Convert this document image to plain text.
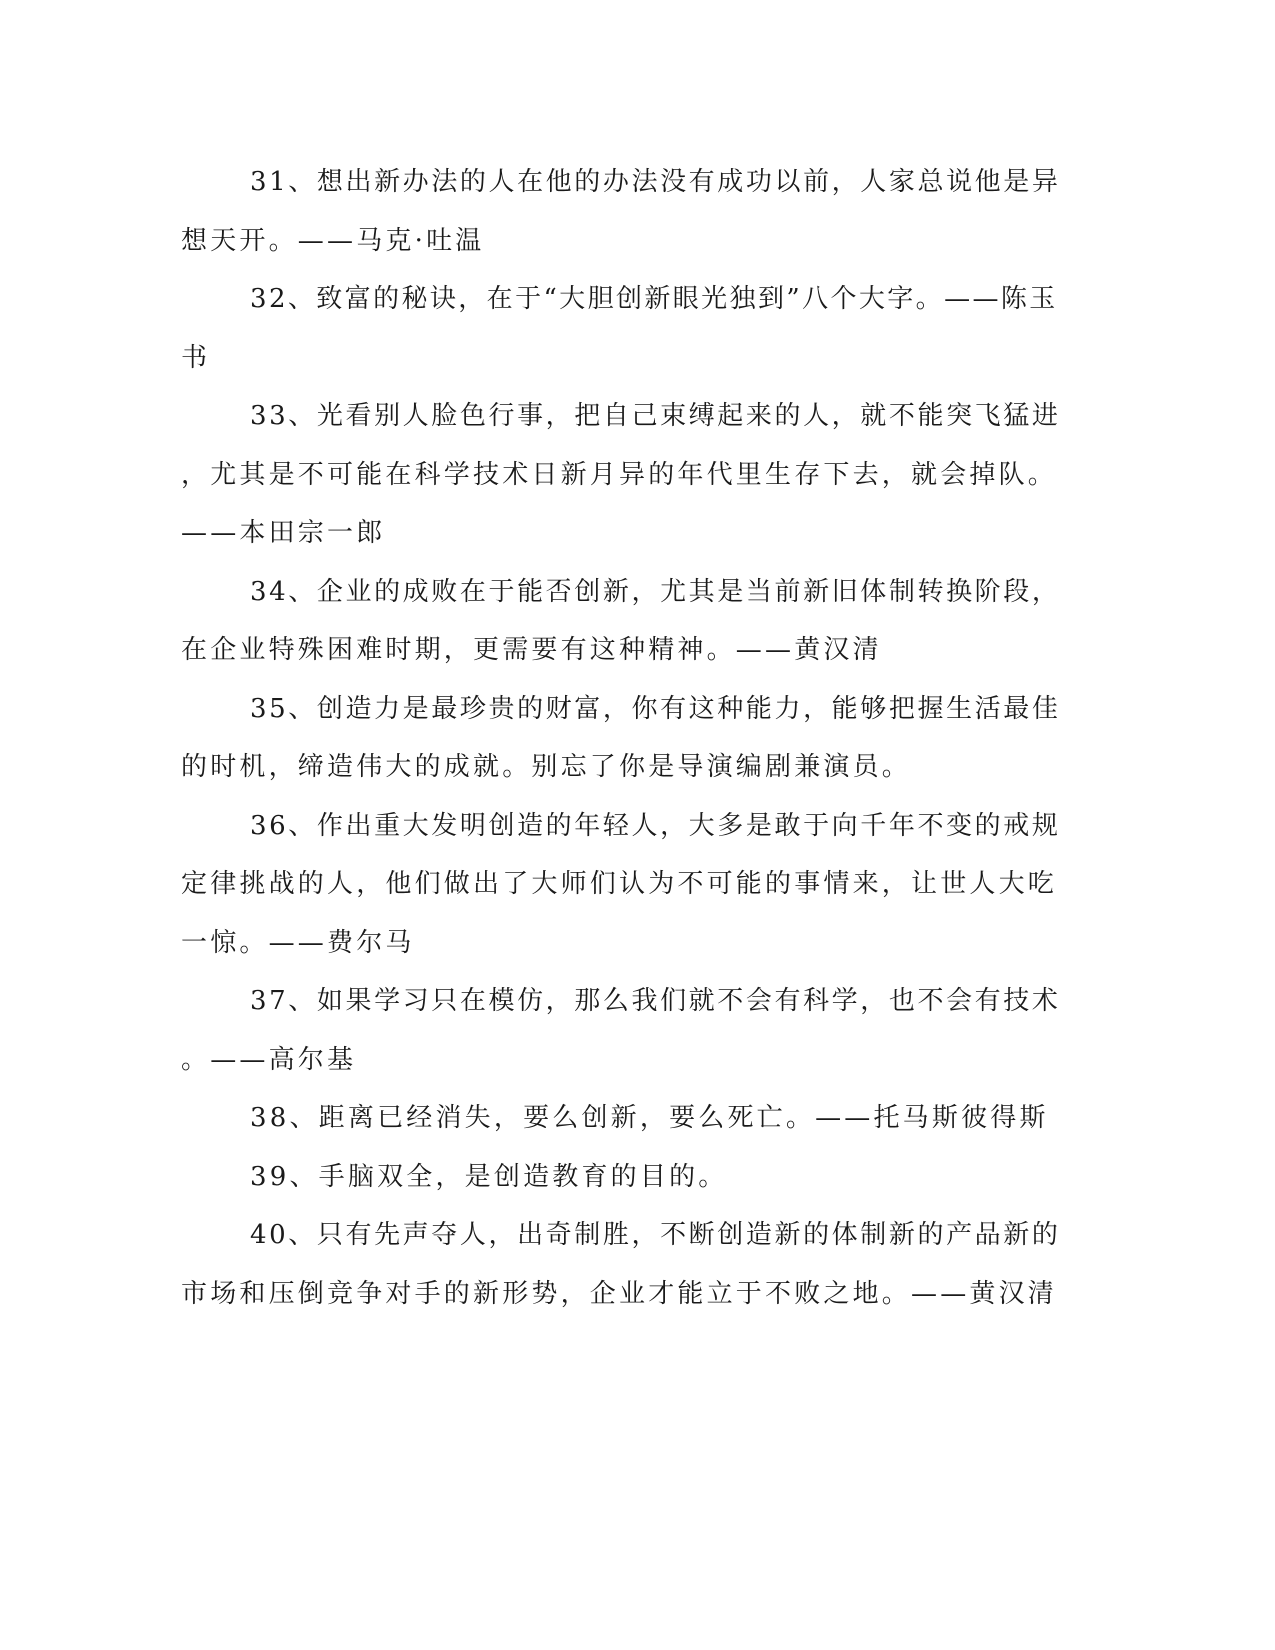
31、想出新办法的人在他的办法没有成功以前，人家总说他是异
想天开。——马克·吐温
32、致富的秘诀，在于“大胆创新眼光独到”八个大字。——陈玉
书
33、光看别人脸色行事，把自己束缚起来的人，就不能突飞猛进
，尤其是不可能在科学技术日新月异的年代里生存下去，就会掉队。
——本田宗一郎
34、企业的成败在于能否创新，尤其是当前新旧体制转换阶段，
在企业特殊困难时期，更需要有这种精神。——黄汉清
35、创造力是最珍贵的财富，你有这种能力，能够把握生活最佳
的时机，缔造伟大的成就。别忘了你是导演编剧兼演员。
36、作出重大发明创造的年轻人，大多是敢于向千年不变的戒规
定律挑战的人，他们做出了大师们认为不可能的事情来，让世人大吃
一惊。——费尔马
37、如果学习只在模仿，那么我们就不会有科学，也不会有技术
。——高尔基
38、距离已经消失，要么创新，要么死亡。——托马斯彼得斯
39、手脑双全，是创造教育的目的。
40、只有先声夺人，出奇制胜，不断创造新的体制新的产品新的
市场和压倒竞争对手的新形势，企业才能立于不败之地。——黄汉清
